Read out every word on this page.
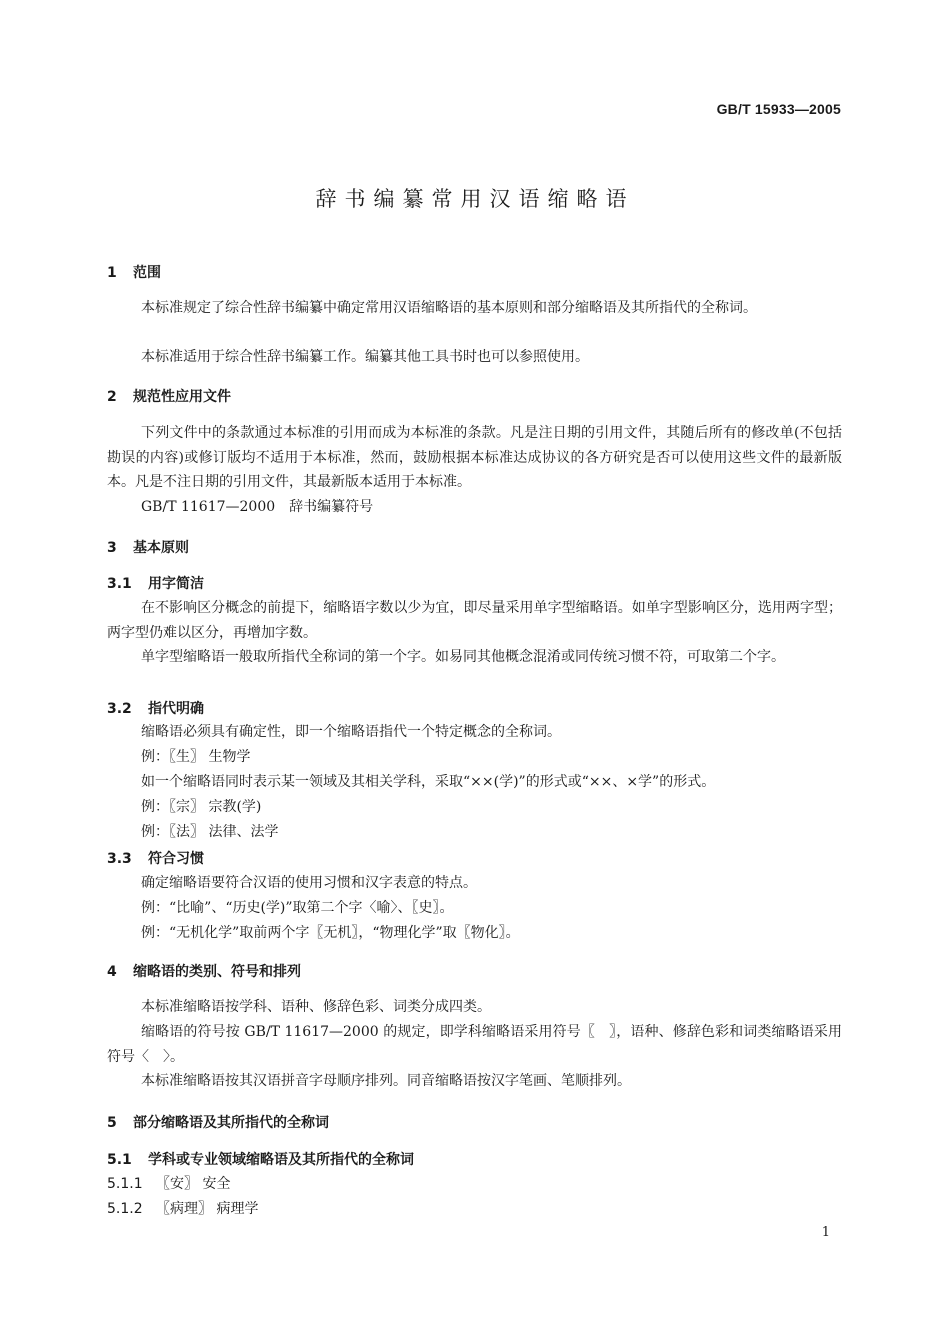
GB/T 15933—2005
辞书编纂常用汉语缩略语
1 范围
本标准规定了综合性辞书编纂中确定常用汉语缩略语的基本原则和部分缩略语及其所指代的全称词。
本标准适用于综合性辞书编纂工作。编纂其他工具书时也可以参照使用。
2 规范性应用文件
下列文件中的条款通过本标准的引用而成为本标准的条款。凡是注日期的引用文件，其随后所有的修改单(不包括勘误的内容)或修订版均不适用于本标准，然而，鼓励根据本标准达成协议的各方研究是否可以使用这些文件的最新版本。凡是不注日期的引用文件，其最新版本适用于本标准。
GB/T 11617—2000　辞书编纂符号
3 基本原则
3.1 用字简洁
在不影响区分概念的前提下，缩略语字数以少为宜，即尽量采用单字型缩略语。如单字型影响区分，选用两字型；两字型仍难以区分，再增加字数。
单字型缩略语一般取所指代全称词的第一个字。如易同其他概念混淆或同传统习惯不符，可取第二个字。
3.2 指代明确
缩略语必须具有确定性，即一个缩略语指代一个特定概念的全称词。
例：〖生〗 生物学
如一个缩略语同时表示某一领域及其相关学科，采取“××(学)”的形式或“××、×学”的形式。
例：〖宗〗 宗教(学)
例：〖法〗 法律、法学
3.3 符合习惯
确定缩略语要符合汉语的使用习惯和汉字表意的特点。
例：“比喻”、“历史(学)”取第二个字〈喻〉、〖史〗。
例：“无机化学”取前两个字〖无机〗，“物理化学”取〖物化〗。
4 缩略语的类别、符号和排列
本标准缩略语按学科、语种、修辞色彩、词类分成四类。
缩略语的符号按 GB/T 11617—2000 的规定，即学科缩略语采用符号〖　〗，语种、修辞色彩和词类缩略语采用符号〈　〉。
本标准缩略语按其汉语拼音字母顺序排列。同音缩略语按汉字笔画、笔顺排列。
5 部分缩略语及其所指代的全称词
5.1 学科或专业领域缩略语及其所指代的全称词
5.1.1 〖安〗 安全
5.1.2 〖病理〗 病理学
1
